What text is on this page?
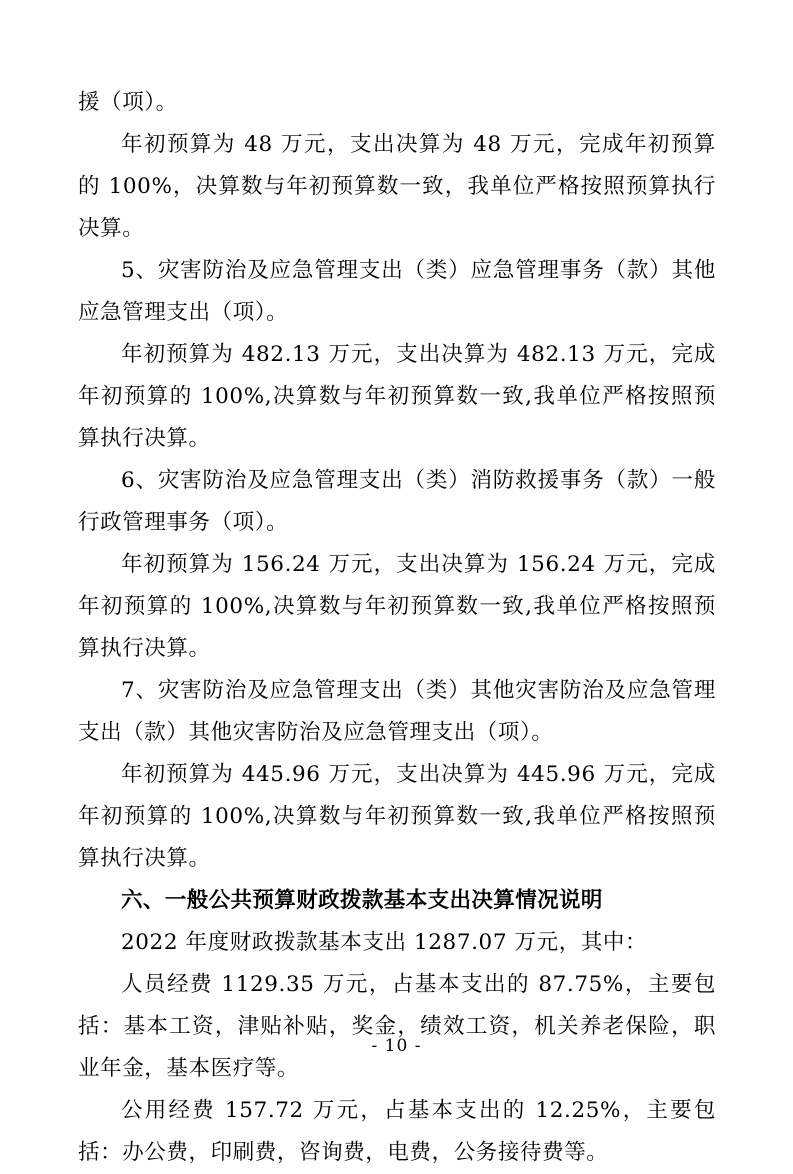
援（项）。

年初预算为 48 万元，支出决算为 48 万元，完成年初预算的 100%，决算数与年初预算数一致，我单位严格按照预算执行决算。

5、灾害防治及应急管理支出（类）应急管理事务（款）其他应急管理支出（项）。

年初预算为 482.13 万元，支出决算为 482.13 万元，完成年初预算的 100%,决算数与年初预算数一致,我单位严格按照预算执行决算。

6、灾害防治及应急管理支出（类）消防救援事务（款）一般行政管理事务（项）。

年初预算为 156.24 万元，支出决算为 156.24 万元，完成年初预算的 100%,决算数与年初预算数一致,我单位严格按照预算执行决算。

7、灾害防治及应急管理支出（类）其他灾害防治及应急管理支出（款）其他灾害防治及应急管理支出（项）。

年初预算为 445.96 万元，支出决算为 445.96 万元，完成年初预算的 100%,决算数与年初预算数一致,我单位严格按照预算执行决算。

六、一般公共预算财政拨款基本支出决算情况说明

2022 年度财政拨款基本支出 1287.07 万元，其中：

人员经费 1129.35 万元，占基本支出的 87.75%，主要包括：基本工资，津贴补贴，奖金，绩效工资，机关养老保险，职业年金，基本医疗等。

公用经费 157.72 万元，占基本支出的 12.25%，主要包括：办公费，印刷费，咨询费，电费，公务接待费等。

- 10 -
